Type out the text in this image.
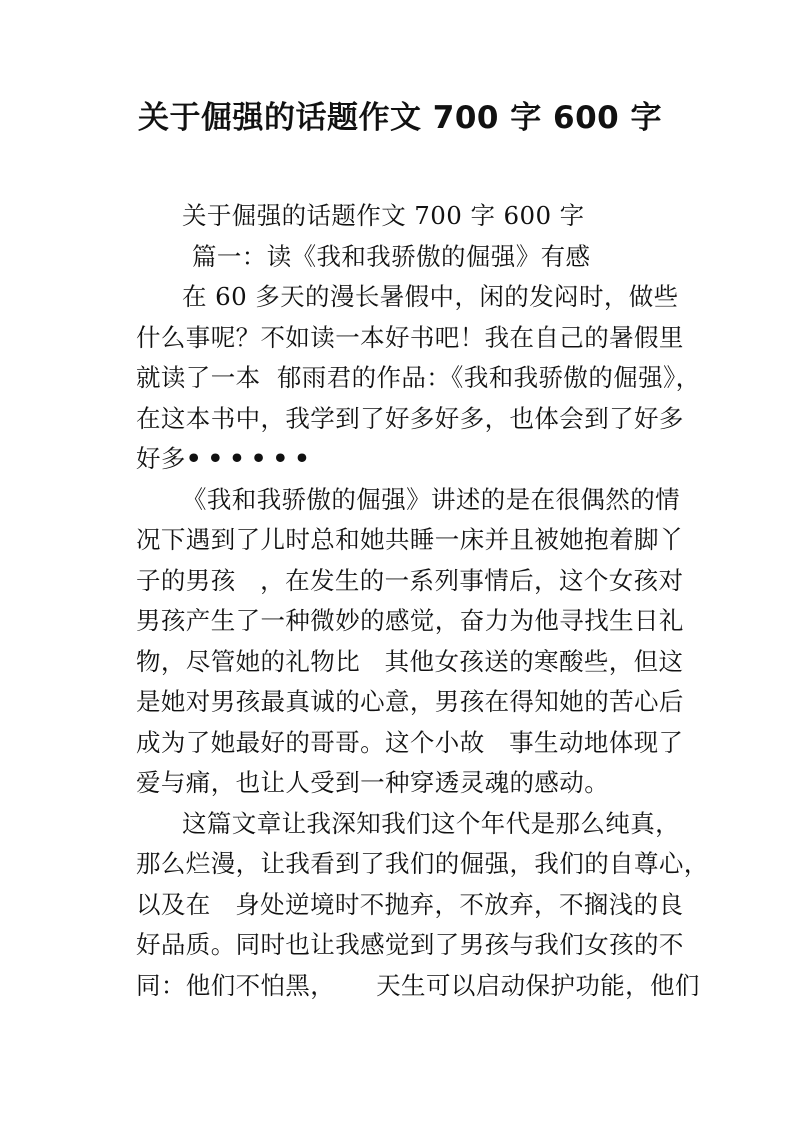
关于倔强的话题作文 700 字 600 字
关于倔强的话题作文 700 字 600 字
篇一：读《我和我骄傲的倔强》有感
在 60 多天的漫长暑假中，闲的发闷时，做些
什么事呢？不如读一本好书吧！我在自己的暑假里
就读了一本  郁雨君的作品：《我和我骄傲的倔强》，
在这本书中，我学到了好多好多，也体会到了好多
好多••••••
《我和我骄傲的倔强》讲述的是在很偶然的情
况下遇到了儿时总和她共睡一床并且被她抱着脚丫
子的男孩   ，在发生的一系列事情后，这个女孩对
男孩产生了一种微妙的感觉，奋力为他寻找生日礼
物，尽管她的礼物比   其他女孩送的寒酸些，但这
是她对男孩最真诚的心意，男孩在得知她的苦心后
成为了她最好的哥哥。这个小故   事生动地体现了
爱与痛，也让人受到一种穿透灵魂的感动。
这篇文章让我深知我们这个年代是那么纯真，
那么烂漫，让我看到了我们的倔强，我们的自尊心，
以及在   身处逆境时不抛弃，不放弃，不搁浅的良
好品质。同时也让我感觉到了男孩与我们女孩的不
同：他们不怕黑，     天生可以启动保护功能，他们
